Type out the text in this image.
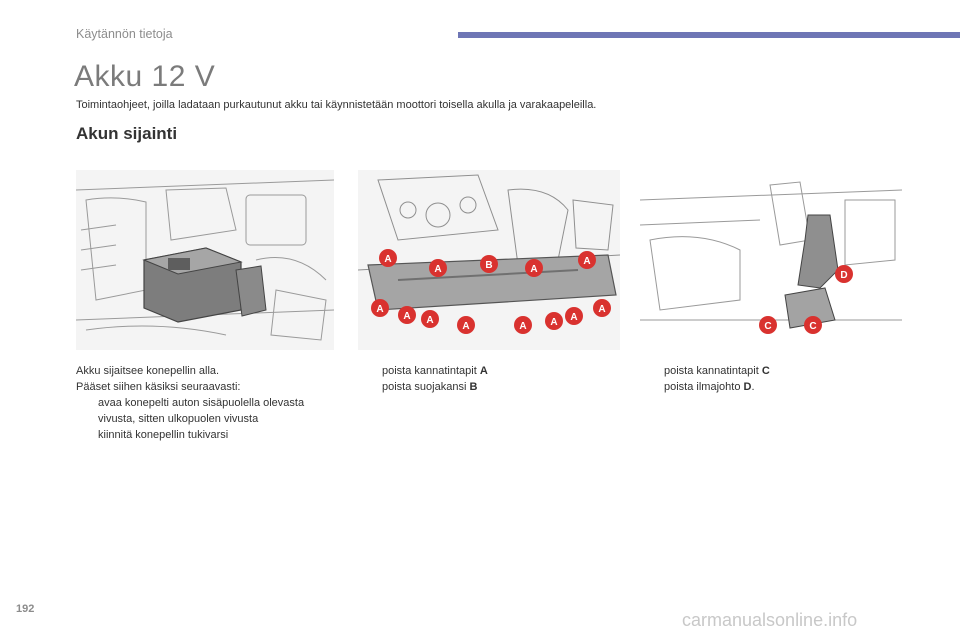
Käytännön tietoja
Akku 12 V
Toimintaohjeet, joilla ladataan purkautunut akku tai käynnistetään moottori toisella akulla ja varakaapeleilla.
Akun sijainti
A
A	B	A
A
A
A A
A	A A A
A
D
C	C

Akku sijaitsee konepellin alla.

Pääset siihen käsiksi seuraavasti:

avaa konepelti auton sisäpuolella olevasta vivusta, sitten ulkopuolen vivusta
kiinnitä konepellin tukivarsi
poista kannatintapit A
poista suojakansi B
poista kannatintapit C
poista ilmajohto D.
192
carmanualsonline.info
